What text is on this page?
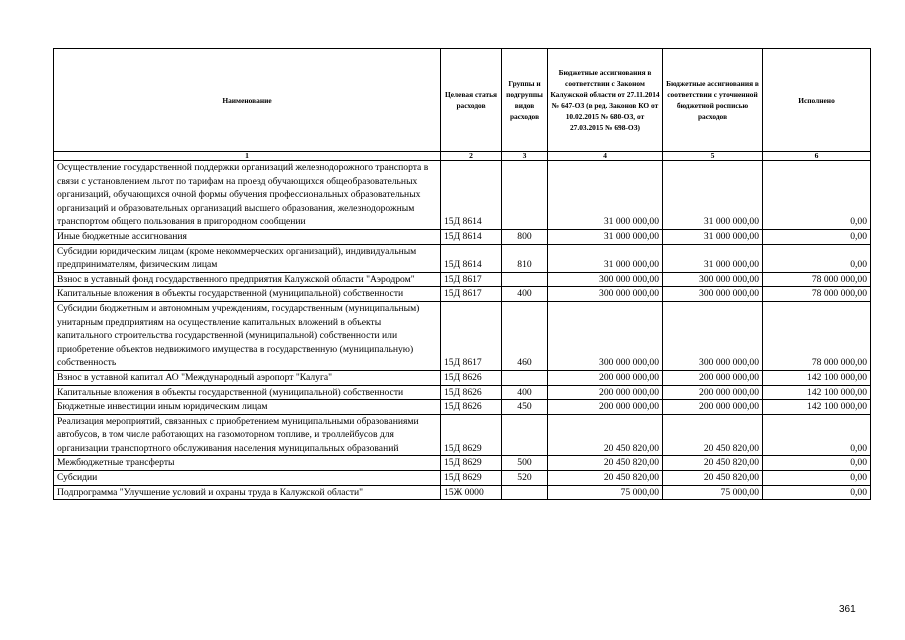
Наименование	Целевая статья расходов	Группы и подгруппы видов расходов	Бюджетные ассигнования в соответствии с Законом Калужской области от 27.11.2014 № 647-ОЗ (в ред. Законов КО от 10.02.2015 № 680-ОЗ, от 27.03.2015 № 698-ОЗ)	Бюджетные ассигнования в соответствии с уточненной бюджетной росписью расходов	Исполнено
1	2	3	4	5	6
Осуществление государственной поддержки организаций железнодорожного транспорта в связи с установлением льгот по тарифам на проезд обучающихся общеобразовательных организаций, обучающихся очной формы обучения профессиональных образовательных организаций и образовательных организаций высшего образования, железнодорожным транспортом общего пользования в пригородном сообщении	15Д 8614		31 000 000,00	31 000 000,00	0,00
Иные бюджетные ассигнования	15Д 8614	800	31 000 000,00	31 000 000,00	0,00
Субсидии юридическим лицам (кроме некоммерческих организаций), индивидуальным предпринимателям, физическим лицам	15Д 8614	810	31 000 000,00	31 000 000,00	0,00
Взнос в уставный фонд государственного предприятия Калужской области "Аэродром"	15Д 8617		300 000 000,00	300 000 000,00	78 000 000,00
Капитальные вложения в объекты государственной (муниципальной) собственности	15Д 8617	400	300 000 000,00	300 000 000,00	78 000 000,00
Субсидии бюджетным и автономным учреждениям, государственным (муниципальным) унитарным предприятиям на осуществление капитальных вложений в объекты капитального строительства государственной (муниципальной) собственности или приобретение объектов недвижимого имущества в государственную (муниципальную) собственность	15Д 8617	460	300 000 000,00	300 000 000,00	78 000 000,00
Взнос в уставной капитал АО "Международный аэропорт "Калуга"	15Д 8626		200 000 000,00	200 000 000,00	142 100 000,00
Капитальные вложения в объекты государственной (муниципальной) собственности	15Д 8626	400	200 000 000,00	200 000 000,00	142 100 000,00
Бюджетные инвестиции иным юридическим лицам	15Д 8626	450	200 000 000,00	200 000 000,00	142 100 000,00
Реализация мероприятий, связанных с приобретением муниципальными образованиями автобусов, в том числе работающих на газомоторном топливе, и троллейбусов для организации транспортного обслуживания населения муниципальных образований	15Д 8629		20 450 820,00	20 450 820,00	0,00
Межбюджетные трансферты	15Д 8629	500	20 450 820,00	20 450 820,00	0,00
Субсидии	15Д 8629	520	20 450 820,00	20 450 820,00	0,00
Подпрограмма "Улучшение условий и охраны труда в Калужской области"	15Ж 0000		75 000,00	75 000,00	0,00
361
